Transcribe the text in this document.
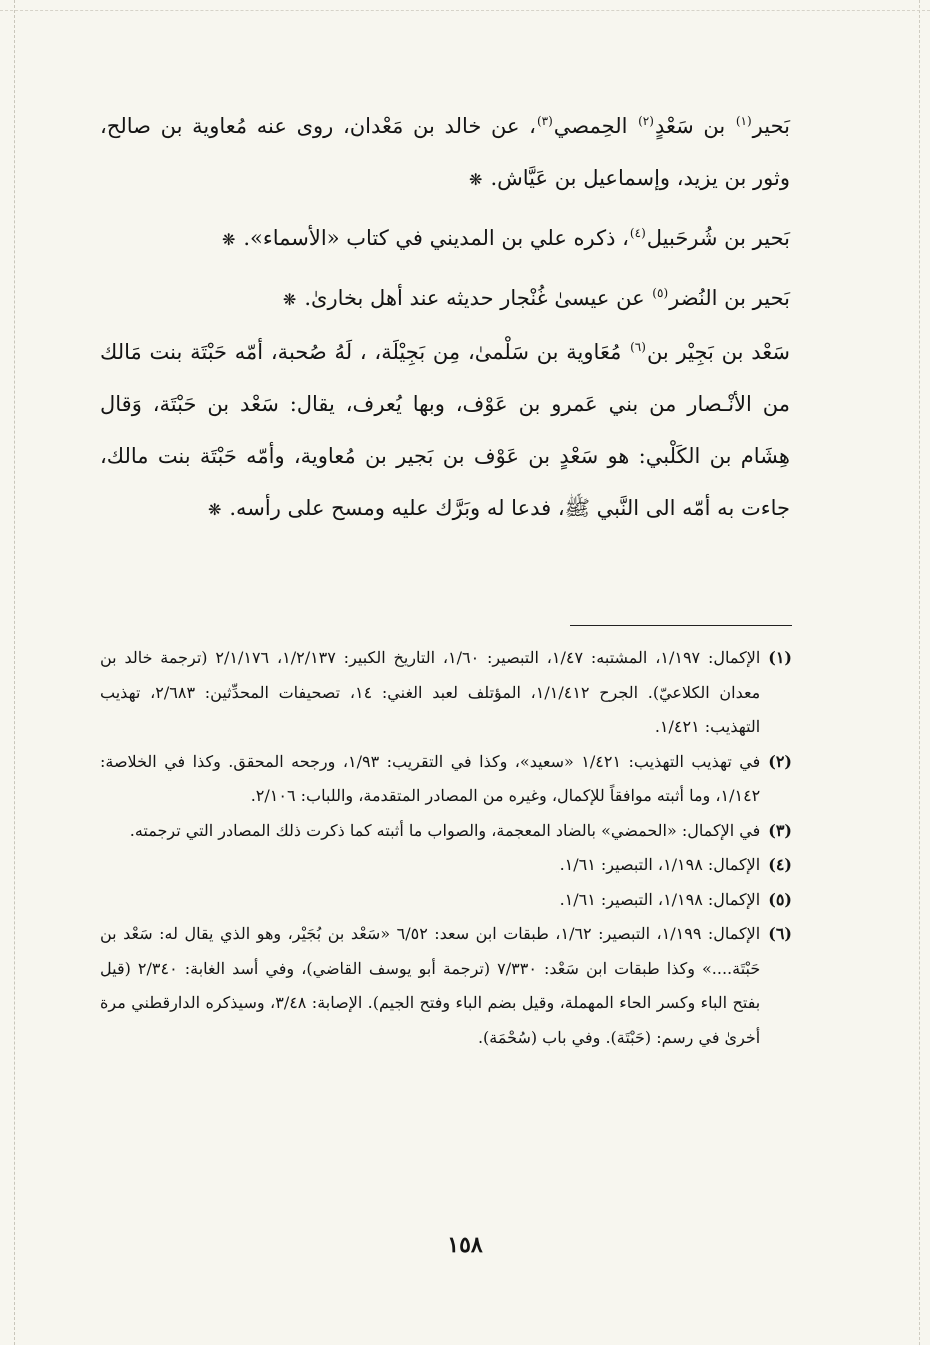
بَحير$^{(١)}$ بن سَعْدٍ$^{(٢)}$ الحِمصي$^{(٣)}$، عن خالد بن مَعْدان، روى عنه مُعاوية بن صالح، وثور بن يزيد، وإسماعيل بن عَيَّاش.❋

بَحير بن شُرحَبيل$^{(٤)}$، ذكره علي بن المديني في كتاب «الأسماء».❋

بَحير بن النُضر$^{(٥)}$ عن عيسىٰ غُنْجار حديثه عند أهل بخارىٰ.❋

سَعْد بن بَجِيْر بن$^{(٦)}$ مُعَاوية بن سَلْمىٰ، مِن بَجِيْلَة، ، لَهُ صُحبة، أمّه حَبْتَة بنت مَالك من الأنْـصار من بني عَمرو بن عَوْف، وبها يُعرف، يقال: سَعْد بن حَبْتَة، وَقال هِشَام بن الكَلْبي: هو سَعْدٍ بن عَوْف بن بَجير بن مُعاوية، وأمّه حَبْتَة بنت مالك، جاءت به أمّه الى النَّبي ﷺ، فدعا له وبَرَّك عليه ومسح على رأسه.❋

(١)
الإكمال: ١/١٩٧، المشتبه: ١/٤٧، التبصير: ١/٦٠، التاريخ الكبير: ١/٢/١٣٧، ٢/١/١٧٦ (ترجمة خالد بن معدان الكلاعيّ). الجرح ١/١/٤١٢، المؤتلف لعبد الغني: ١٤، تصحيفات المحدِّثين: ٢/٦٨٣، تهذيب التهذيب: ١/٤٢١.
(٢)
في تهذيب التهذيب: ١/٤٢١ «سعيد»، وكذا في التقريب: ١/٩٣، ورجحه المحقق. وكذا في الخلاصة: ١/١٤٢، وما أثبته موافقاً للإكمال، وغيره من المصادر المتقدمة، واللباب: ٢/١٠٦.
(٣)
في الإكمال: «الحمضي» بالضاد المعجمة، والصواب ما أثبته كما ذكرت ذلك المصادر التي ترجمته.
(٤)
الإكمال: ١/١٩٨، التبصير: ١/٦١.
(٥)
الإكمال: ١/١٩٨، التبصير: ١/٦١.
(٦)
الإكمال: ١/١٩٩، التبصير: ١/٦٢، طبقات ابن سعد: ٦/٥٢ «سَعْد بن بُجَيْر، وهو الذي يقال له: سَعْد بن حَبْتَة....» وكذا طبقات ابن سَعْد: ٧/٣٣٠ (ترجمة أبو يوسف القاضي)، وفي أسد الغابة: ٢/٣٤٠ (قيل بفتح الباء وكسر الحاء المهملة، وقيل بضم الباء وفتح الجيم). الإصابة: ٣/٤٨، وسيذكره الدارقطني مرة أخرىٰ في رسم: (حَبْتَة). وفي باب (سُحْمَة).
١٥٨
